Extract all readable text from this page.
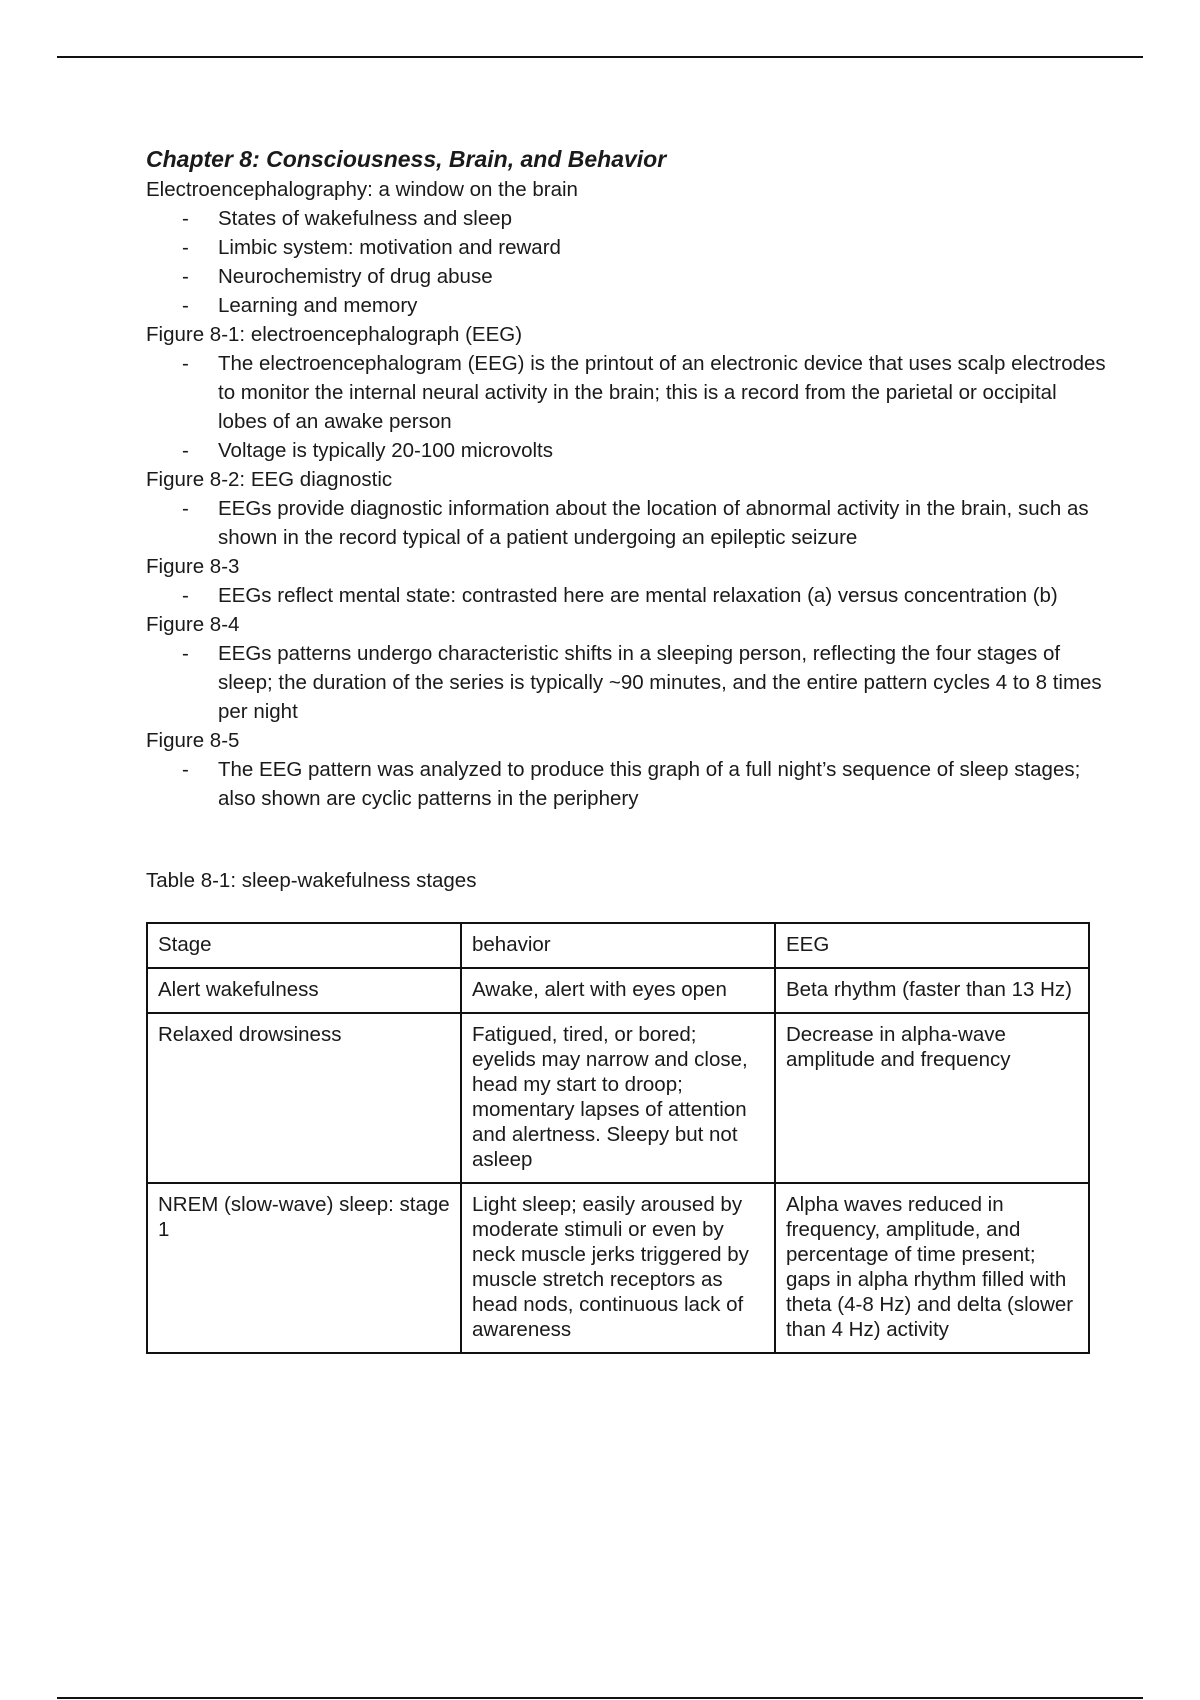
Chapter 8: Consciousness, Brain, and Behavior

Electroencephalography: a window on the brain

- States of wakefulness and sleep
- Limbic system: motivation and reward
- Neurochemistry of drug abuse
- Learning and memory

Figure 8-1: electroencephalograph (EEG)

- The electroencephalogram (EEG) is the printout of an electronic device that uses scalp electrodes to monitor the internal neural activity in the brain; this is a record from the parietal or occipital lobes of an awake person
- Voltage is typically 20-100 microvolts

Figure 8-2: EEG diagnostic

- EEGs provide diagnostic information about the location of abnormal activity in the brain, such as shown in the record typical of a patient undergoing an epileptic seizure

Figure 8-3

- EEGs reflect mental state: contrasted here are mental relaxation (a) versus concentration (b)

Figure 8-4

- EEGs patterns undergo characteristic shifts in a sleeping person, reflecting the four stages of sleep; the duration of the series is typically ~90 minutes, and the entire pattern cycles 4 to 8 times per night

Figure 8-5

- The EEG pattern was analyzed to produce this graph of a full night’s sequence of sleep stages; also shown are cyclic patterns in the periphery

Table 8-1: sleep-wakefulness stages

Stage	behavior	EEG
Alert wakefulness	Awake, alert with eyes open	Beta rhythm (faster than 13 Hz)
Relaxed drowsiness	Fatigued, tired, or bored; eyelids may narrow and close, head my start to droop; momentary lapses of attention and alertness. Sleepy but not asleep	Decrease in alpha-wave amplitude and frequency
NREM (slow-wave) sleep: stage 1	Light sleep; easily aroused by moderate stimuli or even by neck muscle jerks triggered by muscle stretch receptors as head nods, continuous lack of awareness	Alpha waves reduced in frequency, amplitude, and percentage of time present; gaps in alpha rhythm filled with theta (4-8 Hz) and delta (slower than 4 Hz) activity
